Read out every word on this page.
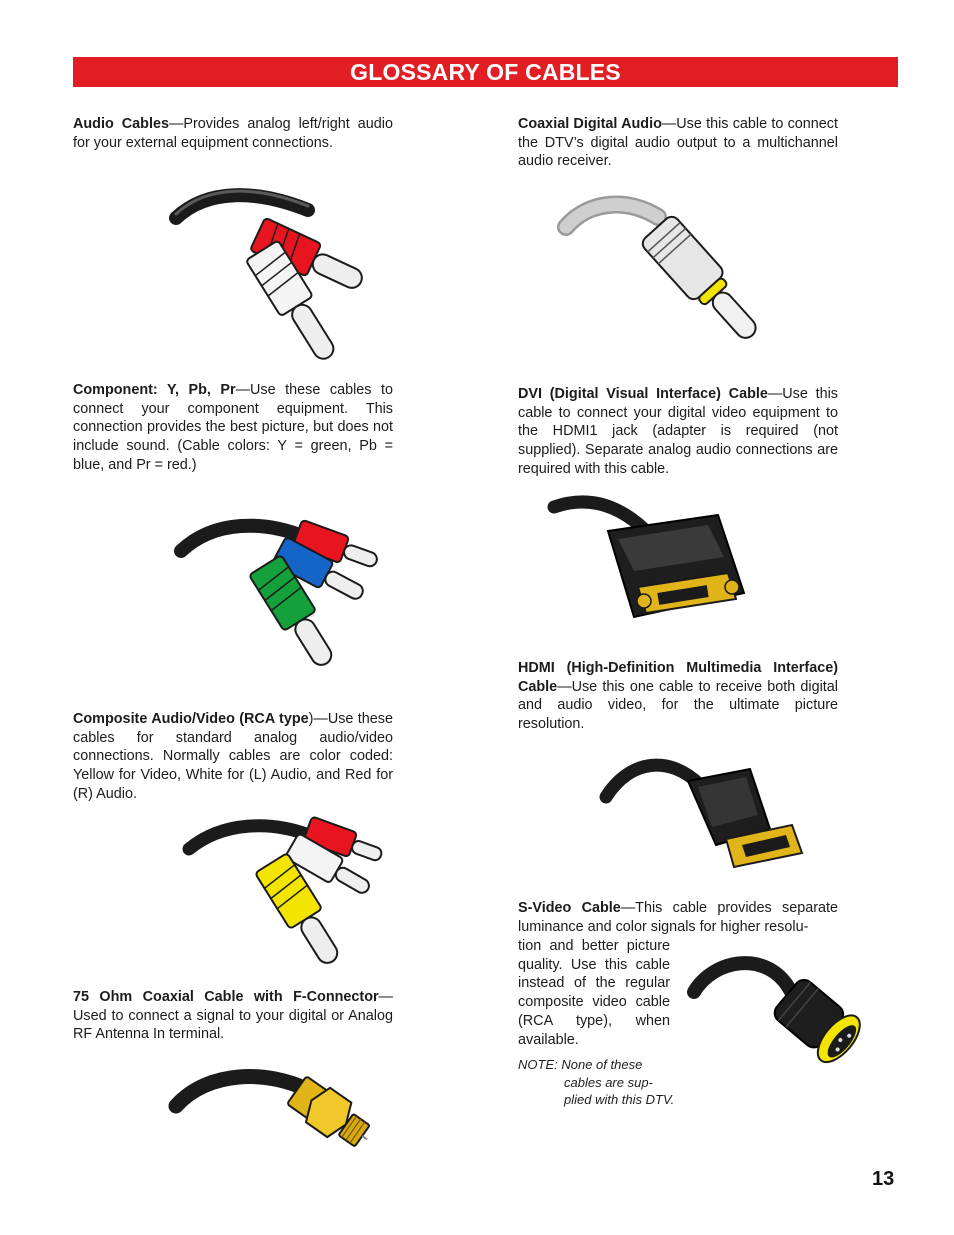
GLOSSARY OF CABLES

Audio Cables—Provides analog left/right audio for your external equipment connections.

Component: Y, Pb, Pr—Use these cables to connect your component equipment. This connection provides the best picture, but does not include sound. (Cable colors: Y = green, Pb = blue, and Pr = red.)

Composite Audio/Video (RCA type)—Use these cables for standard analog audio/video connections. Normally cables are color coded: Yellow for Video, White for (L) Audio, and Red for (R) Audio.

75 Ohm Coaxial Cable with F-Connector—Used to connect a signal to your digital or Analog RF Antenna In terminal.

Coaxial Digital Audio—Use this cable to connect the DTV’s digital audio output to a multichannel audio receiver.

DVI (Digital Visual Interface) Cable—Use this cable to connect your digital video equipment to the HDMI1 jack (adapter is required (not supplied). Separate analog audio connections are required with this cable.

HDMI (High-Definition Multimedia Interface) Cable—Use this one cable to receive both digital and audio video, for the ultimate picture resolution.

S-Video Cable—This cable provides separate luminance and color signals for higher resolu-

tion and better picture quality. Use this cable instead of the regular composite video cable (RCA type), when available.

NOTE: None of these
cables are sup-
plied with this DTV.
13
